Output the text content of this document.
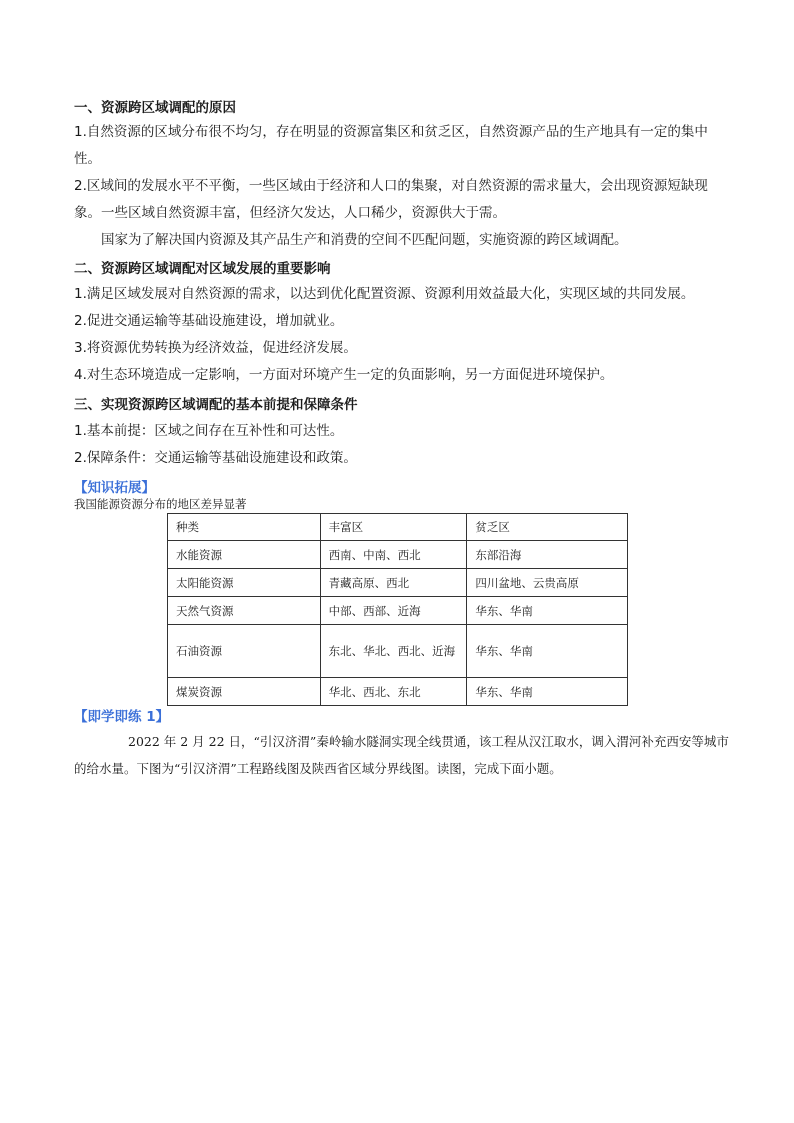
一、资源跨区域调配的原因
1.自然资源的区域分布很不均匀，存在明显的资源富集区和贫乏区，自然资源产品的生产地具有一定的集中性。
2.区域间的发展水平不平衡，一些区域由于经济和人口的集聚，对自然资源的需求量大，会出现资源短缺现象。一些区域自然资源丰富，但经济欠发达，人口稀少，资源供大于需。
国家为了解决国内资源及其产品生产和消费的空间不匹配问题，实施资源的跨区域调配。
二、资源跨区域调配对区域发展的重要影响
1.满足区域发展对自然资源的需求，以达到优化配置资源、资源利用效益最大化，实现区域的共同发展。
2.促进交通运输等基础设施建设，增加就业。
3.将资源优势转换为经济效益，促进经济发展。
4.对生态环境造成一定影响，一方面对环境产生一定的负面影响，另一方面促进环境保护。
三、实现资源跨区域调配的基本前提和保障条件
1.基本前提：区域之间存在互补性和可达性。
2.保障条件：交通运输等基础设施建设和政策。
【知识拓展】
我国能源资源分布的地区差异显著
种类	丰富区	贫乏区
水能资源	西南、中南、西北	东部沿海
太阳能资源	青藏高原、西北	四川盆地、云贵高原
天然气资源	中部、西部、近海	华东、华南
石油资源	东北、华北、西北、近海	华东、华南
煤炭资源	华北、西北、东北	华东、华南
【即学即练 1】
2022 年 2 月 22 日，“引汉济渭”秦岭输水隧洞实现全线贯通，该工程从汉江取水，调入渭河补充西安等城市的给水量。下图为“引汉济渭”工程路线图及陕西省区域分界线图。读图，完成下面小题。
